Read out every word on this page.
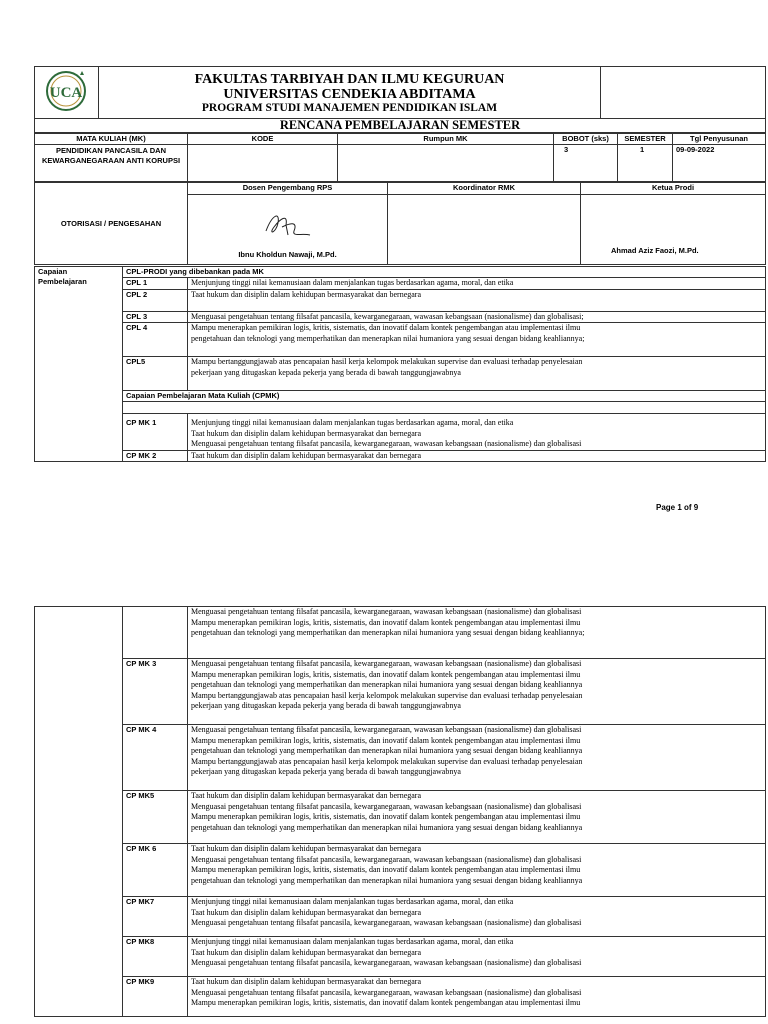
UCA

FAKULTAS TARBIYAH DAN ILMU KEGURUAN
UNIVERSITAS CENDEKIA ABDITAMA
PROGRAM STUDI MANAJEMEN PENDIDIKAN ISLAM

RENCANA PEMBELAJARAN SEMESTER
MATA KULIAH (MK)	KODE	Rumpun MK	BOBOT (sks)	SEMESTER	Tgl Penyusunan
PENDIDIKAN PANCASILA DAN KEWARGANEGARAAN ANTI KORUPSI			3	1	09-09-2022
OTORISASI / PENGESAHAN	Dosen Pengembang RPS	Koordinator RMK	Ketua Prodi

	Ibnu Kholdun Nawaji, M.Pd.		Ahmad Aziz Faozi, M.Pd.
Capaian
Pembelajaran	CPL-PRODI yang dibebankan pada MK	
	CPL 1	Menjunjung tinggi nilai kemanusiaan dalam menjalankan tugas berdasarkan agama, moral, dan etika

	CPL 2	Taat hukum dan disiplin dalam kehidupan bermasyarakat dan bernegara

	CPL 3	Menguasai pengetahuan tentang filsafat pancasila, kewarganegaraan, wawasan kebangsaan (nasionalisme) dan globalisasi;

	CPL 4	Mampu menerapkan pemikiran logis, kritis, sistematis, dan inovatif dalam kontek pengembangan atau implementasi ilmu
pengetahuan dan teknologi yang memperhatikan dan menerapkan nilai humaniora yang sesuai dengan bidang keahliannya;

	CPL5	Mampu bertanggungjawab atas pencapaian hasil kerja kelompok melakukan supervise dan evaluasi terhadap penyelesaian
pekerjaan yang ditugaskan kepada pekerja yang berada di bawah tanggungjawabnya

	Capaian Pembelajaran Mata Kuliah (CPMK)	

	CP MK 1	Menjunjung tinggi nilai kemanusiaan dalam menjalankan tugas berdasarkan agama, moral, dan etika
Taat hukum dan disiplin dalam kehidupan bermasyarakat dan bernegara
Menguasai pengetahuan tentang filsafat pancasila, kewarganegaraan, wawasan kebangsaan (nasionalisme) dan globalisasi

	CP MK 2	Taat hukum dan disiplin dalam kehidupan bermasyarakat dan bernegara
Page 1 of 9

		Menguasai pengetahuan tentang filsafat pancasila, kewarganegaraan, wawasan kebangsaan (nasionalisme) dan globalisasi
Mampu menerapkan pemikiran logis, kritis, sistematis, dan inovatif dalam kontek pengembangan atau implementasi ilmu
pengetahuan dan teknologi yang memperhatikan dan menerapkan nilai humaniora yang sesuai dengan bidang keahliannya;

	CP MK 3	Menguasai pengetahuan tentang filsafat pancasila, kewarganegaraan, wawasan kebangsaan (nasionalisme) dan globalisasi
Mampu menerapkan pemikiran logis, kritis, sistematis, dan inovatif dalam kontek pengembangan atau implementasi ilmu
pengetahuan dan teknologi yang memperhatikan dan menerapkan nilai humaniora yang sesuai dengan bidang keahliannya
Mampu bertanggungjawab atas pencapaian hasil kerja kelompok melakukan supervise dan evaluasi terhadap penyelesaian
pekerjaan yang ditugaskan kepada pekerja yang berada di bawah tanggungjawabnya

	CP MK 4	Menguasai pengetahuan tentang filsafat pancasila, kewarganegaraan, wawasan kebangsaan (nasionalisme) dan globalisasi
Mampu menerapkan pemikiran logis, kritis, sistematis, dan inovatif dalam kontek pengembangan atau implementasi ilmu
pengetahuan dan teknologi yang memperhatikan dan menerapkan nilai humaniora yang sesuai dengan bidang keahliannya
Mampu bertanggungjawab atas pencapaian hasil kerja kelompok melakukan supervise dan evaluasi terhadap penyelesaian
pekerjaan yang ditugaskan kepada pekerja yang berada di bawah tanggungjawabnya

	CP MK5	Taat hukum dan disiplin dalam kehidupan bermasyarakat dan bernegara
Menguasai pengetahuan tentang filsafat pancasila, kewarganegaraan, wawasan kebangsaan (nasionalisme) dan globalisasi
Mampu menerapkan pemikiran logis, kritis, sistematis, dan inovatif dalam kontek pengembangan atau implementasi ilmu
pengetahuan dan teknologi yang memperhatikan dan menerapkan nilai humaniora yang sesuai dengan bidang keahliannya

	CP MK 6	Taat hukum dan disiplin dalam kehidupan bermasyarakat dan bernegara
Menguasai pengetahuan tentang filsafat pancasila, kewarganegaraan, wawasan kebangsaan (nasionalisme) dan globalisasi
Mampu menerapkan pemikiran logis, kritis, sistematis, dan inovatif dalam kontek pengembangan atau implementasi ilmu
pengetahuan dan teknologi yang memperhatikan dan menerapkan nilai humaniora yang sesuai dengan bidang keahliannya

	CP MK7	Menjunjung tinggi nilai kemanusiaan dalam menjalankan tugas berdasarkan agama, moral, dan etika
Taat hukum dan disiplin dalam kehidupan bermasyarakat dan bernegara
Menguasai pengetahuan tentang filsafat pancasila, kewarganegaraan, wawasan kebangsaan (nasionalisme) dan globalisasi

	CP MK8	Menjunjung tinggi nilai kemanusiaan dalam menjalankan tugas berdasarkan agama, moral, dan etika
Taat hukum dan disiplin dalam kehidupan bermasyarakat dan bernegara
Menguasai pengetahuan tentang filsafat pancasila, kewarganegaraan, wawasan kebangsaan (nasionalisme) dan globalisasi

	CP MK9	Taat hukum dan disiplin dalam kehidupan bermasyarakat dan bernegara
Menguasai pengetahuan tentang filsafat pancasila, kewarganegaraan, wawasan kebangsaan (nasionalisme) dan globalisasi
Mampu menerapkan pemikiran logis, kritis, sistematis, dan inovatif dalam kontek pengembangan atau implementasi ilmu
